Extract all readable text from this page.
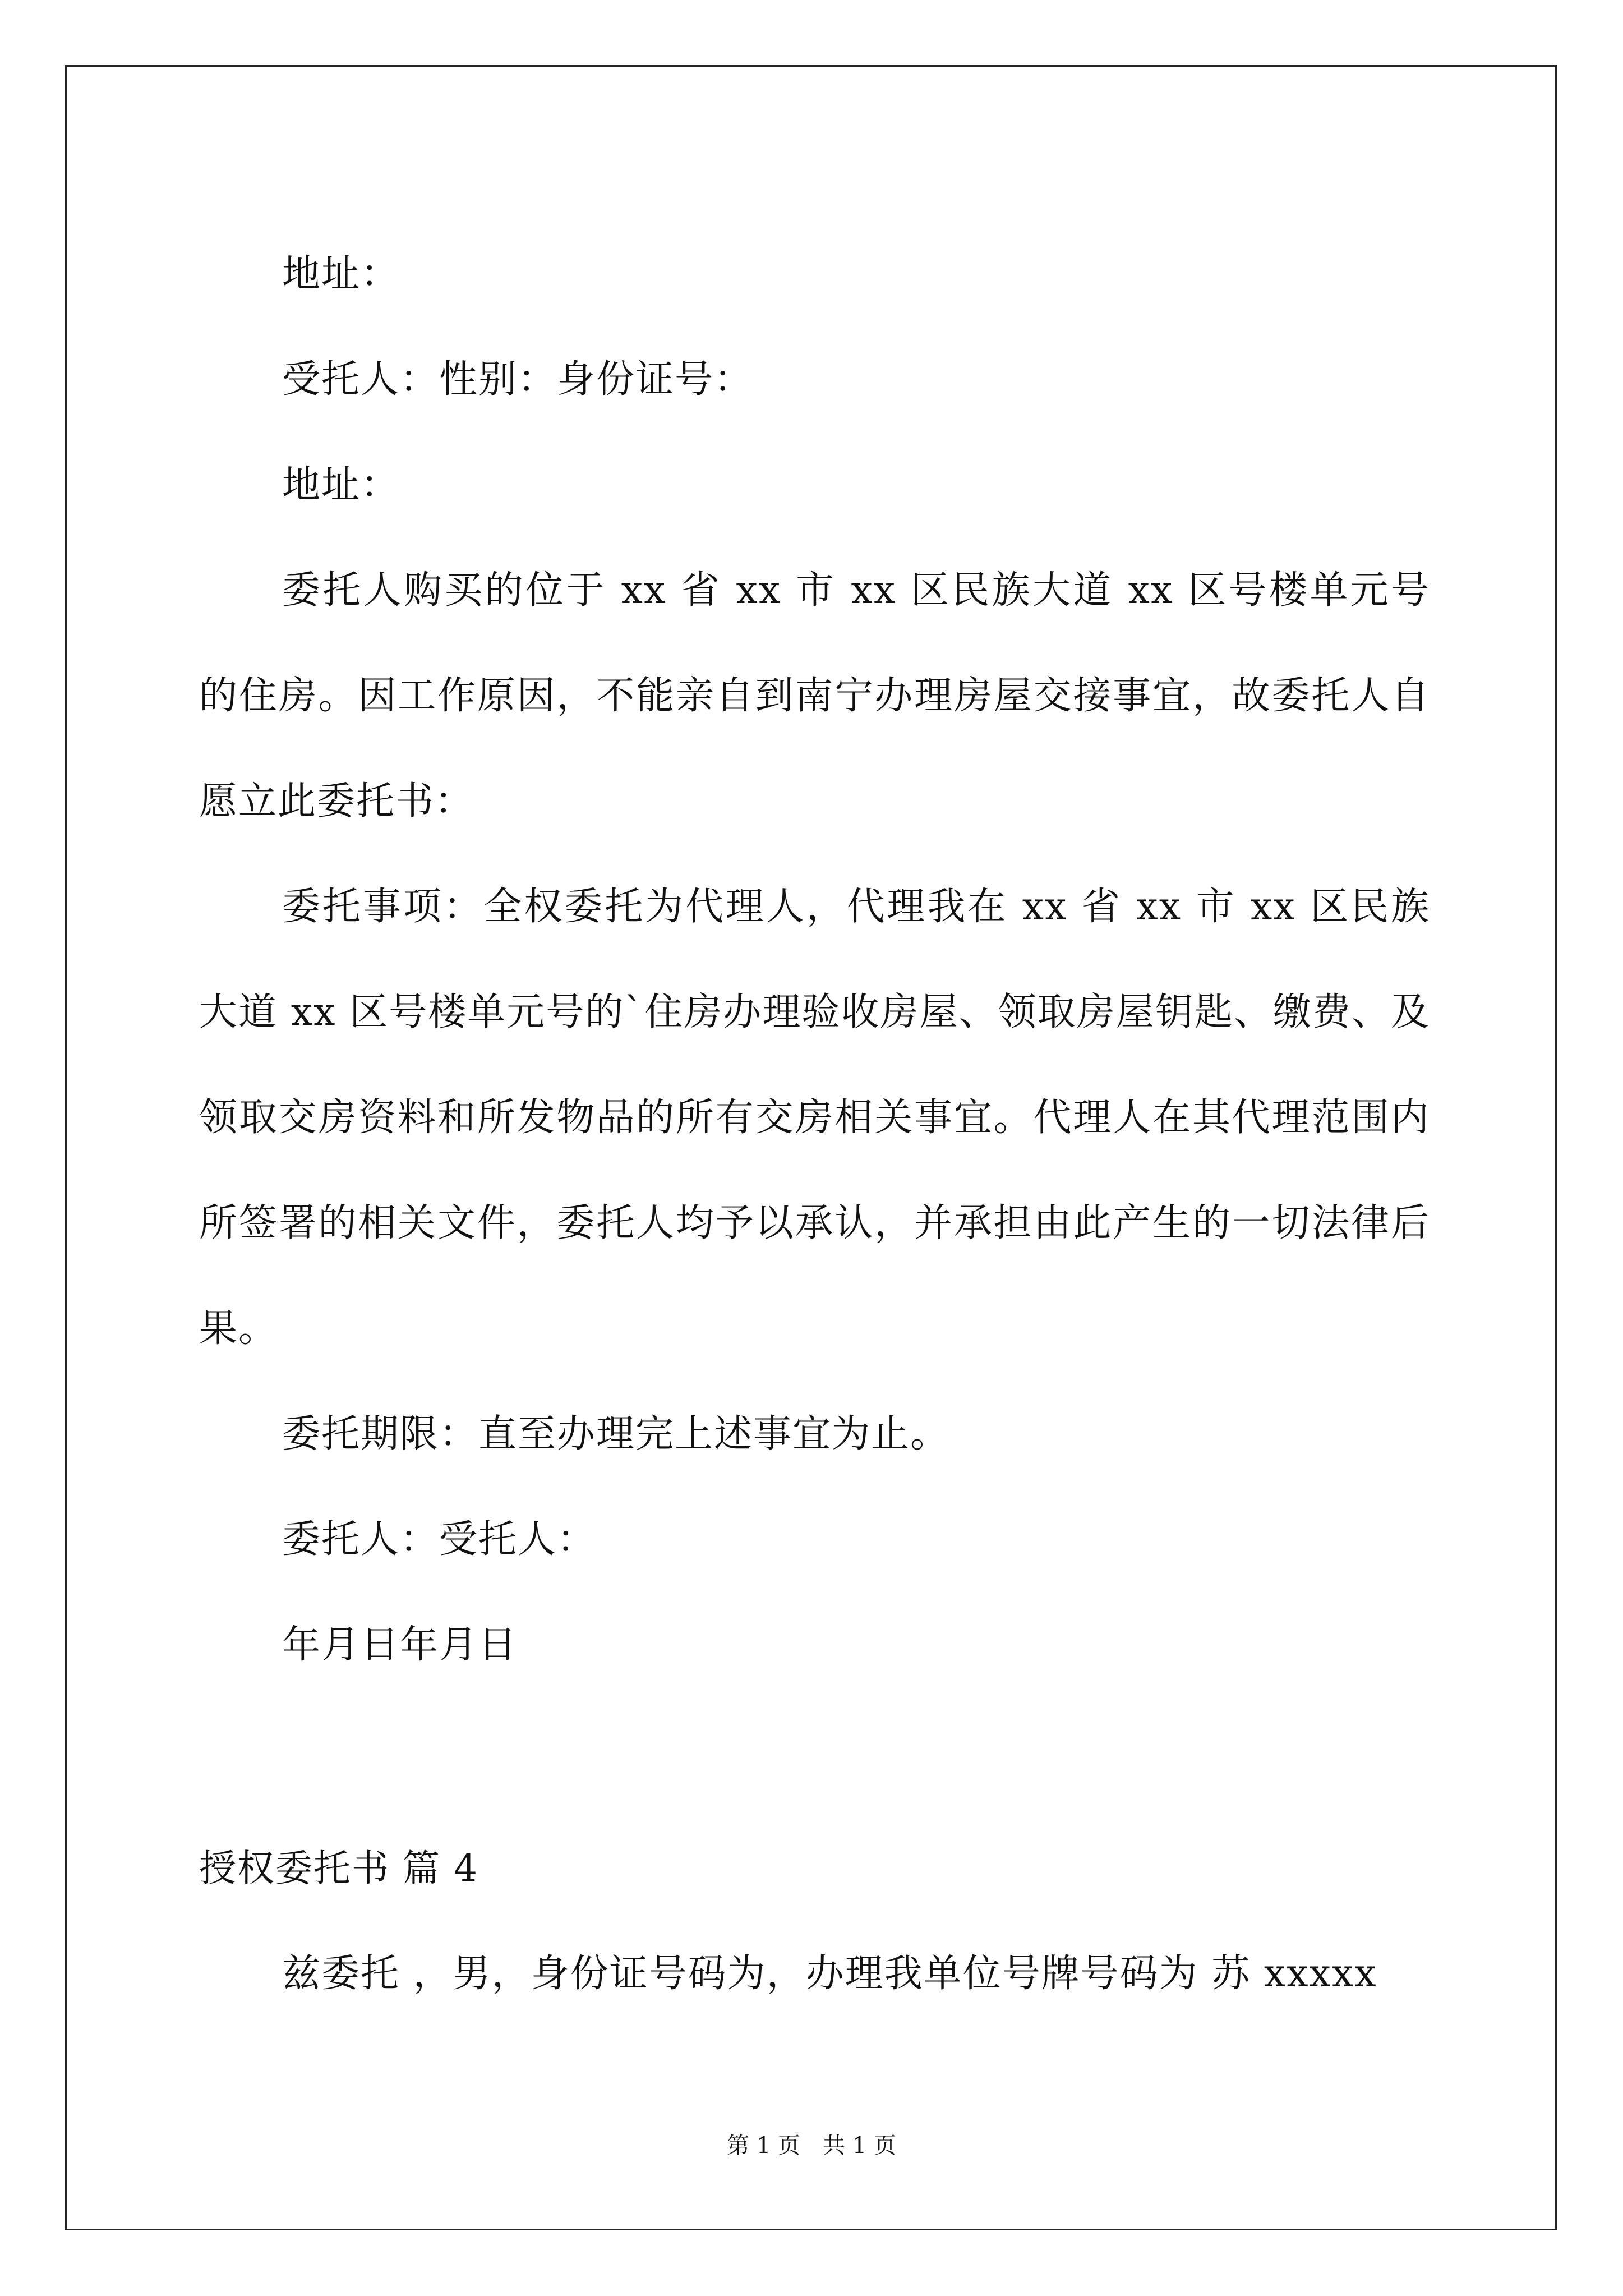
地址：

受托人：性别：身份证号：

地址：

委托人购买的位于 xx 省 xx 市 xx 区民族大道 xx 区号楼单元号的住房。因工作原因，不能亲自到南宁办理房屋交接事宜，故委托人自愿立此委托书：

委托事项：全权委托为代理人，代理我在 xx 省 xx 市 xx 区民族大道 xx 区号楼单元号的`住房办理验收房屋、领取房屋钥匙、缴费、及领取交房资料和所发物品的所有交房相关事宜。代理人在其代理范围内所签署的相关文件，委托人均予以承认，并承担由此产生的一切法律后果。

委托期限：直至办理完上述事宜为止。

委托人：受托人：

年月日年月日

授权委托书 篇 4

兹委托 ，男，身份证号码为，办理我单位号牌号码为 苏 xxxxx

第 1 页 共 1 页
